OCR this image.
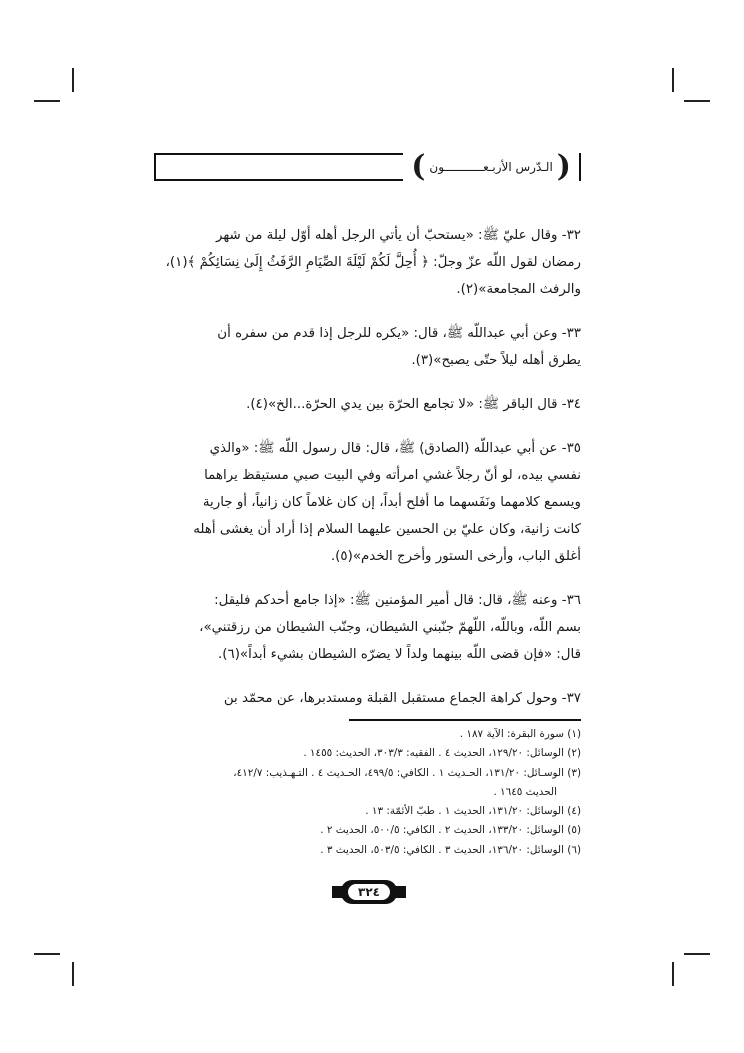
( الـدّرس الأربـعـــــــــــون )
٣٢- وقال عليّ ﷺ: «يستحبّ أن يأتي الرجل أهله أوّل ليلة من شهر
رمضان لقول اللّه عزّ وجلّ: ﴿ أُحِلَّ لَكُمْ لَيْلَةَ الصِّيَامِ الرَّفَثُ إِلَىٰ نِسَائِكُمْ ﴾(١)،
والرفث المجامعة»(٢).
٣٣- وعن أبي عبداللّه ﷺ، قال: «يكره للرجل إذا قدم من سفره أن
يطرق أهله ليلاً حتّى يصبح»(٣).
٣٤- قال الباقر ﷺ: «لا تجامع الحرّة بين يدي الحرّة...الخ»(٤).
٣٥- عن أبي عبداللّه (الصادق) ﷺ، قال: قال رسول اللّه ﷺ: «والذي
نفسي بيده، لو أنّ رجلاً غشي امرأته وفي البيت صبي مستيقظ يراهما
ويسمع كلامهما ونَفَسهما ما أفلح أبداً، إن كان غلاماً كان زانياً، أو جارية
كانت زانية، وكان عليّ بن الحسين عليهما السلام إذا أراد أن يغشى أهله
أغلق الباب، وأرخى الستور وأخرج الخدم»(٥).
٣٦- وعنه ﷺ، قال: قال أمير المؤمنين ﷺ: «إذا جامع أحدكم فليقل:
بسم اللّه، وباللّه، اللّهمّ جنّبني الشيطان، وجنّب الشيطان من رزقتني»،
قال: «فإن قضى اللّه بينهما ولداً لا يضرّه الشيطان بشيء أبداً»(٦).
٣٧- وحول كراهة الجماع مستقبل القبلة ومستدبرها، عن محمّد بن
(١) سورة البقرة: الآية ١٨٧ .
(٢) الوسائل: ١٢٩/٢٠، الحديث ٤ . الفقيه: ٣٠٣/٣، الحديث: ١٤٥٥ .
(٣) الوسـائل: ١٣١/٢٠، الحـديث ١ . الكافي: ٤٩٩/٥، الحـديث ٤ . التـهـذيب: ٤١٢/٧،
الحديث ١٦٤٥ .
(٤) الوسائل: ١٣١/٢٠، الحديث ١ . طبّ الأئمّة: ١٣ .
(٥) الوسائل: ١٣٣/٢٠، الحديث ٢ . الكافي: ٥٠٠/٥، الحديث ٢ .
(٦) الوسائل: ١٣٦/٢٠، الحديث ٣ . الكافي: ٥٠٣/٥، الحديث ٣ .
٣٢٤
